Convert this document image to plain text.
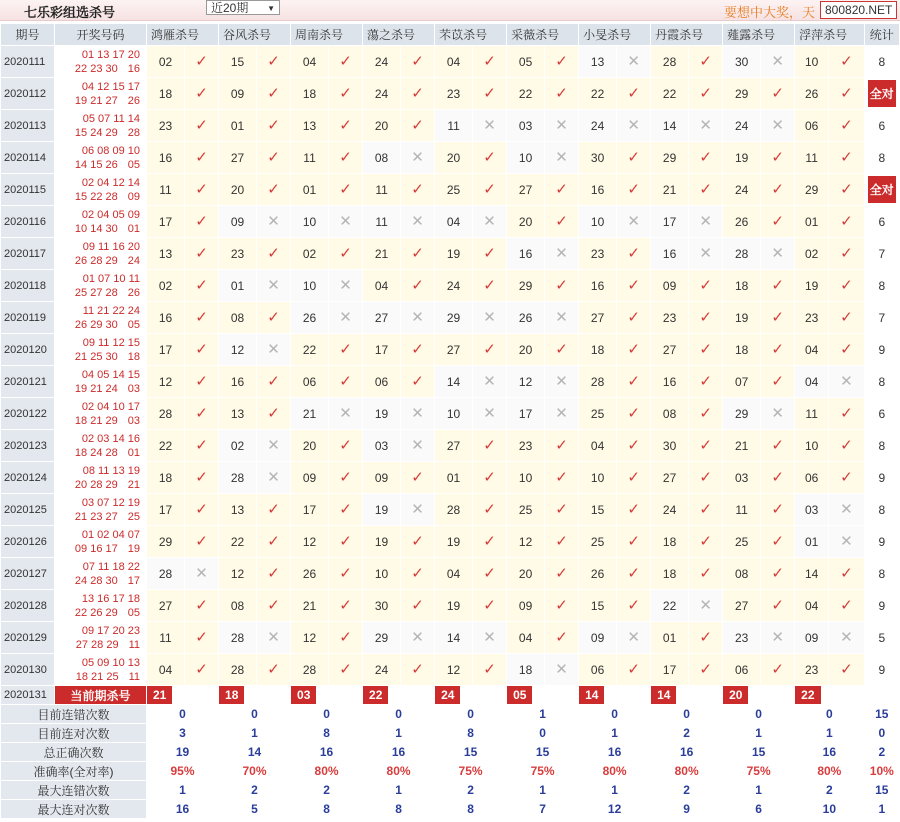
七乐彩组选杀号	近20期 ▼	要想中大奖，天 800820.NET
期号	开奖号码	鸿雁杀号		谷风杀号		周南杀号		蕩之杀号		芣苡杀号		采薇杀号		小旻杀号		丹霞杀号		薤露杀号		浮萍杀号		统计
2020111	01 13 17 20
22 23 30 16	02	✓	15	✓	04	✓	24	✓	04	✓	05	✓	13	✕	28	✓	30	✕	10	✓	8
2020112	04 12 15 17
19 21 27 26	18	✓	09	✓	18	✓	24	✓	23	✓	22	✓	22	✓	22	✓	29	✓	26	✓	全对
2020113	05 07 11 14
15 24 29 28	23	✓	01	✓	13	✓	20	✓	11	✕	03	✕	24	✕	14	✕	24	✕	06	✓	6
2020114	06 08 09 10
14 15 26 05	16	✓	27	✓	11	✓	08	✕	20	✓	10	✕	30	✓	29	✓	19	✓	11	✓	8
2020115	02 04 12 14
15 22 28 09	11	✓	20	✓	01	✓	11	✓	25	✓	27	✓	16	✓	21	✓	24	✓	29	✓	全对
2020116	02 04 05 09
10 14 30 01	17	✓	09	✕	10	✕	11	✕	04	✕	20	✓	10	✕	17	✕	26	✓	01	✓	6
2020117	09 11 16 20
26 28 29 24	13	✓	23	✓	02	✓	21	✓	19	✓	16	✕	23	✓	16	✕	28	✕	02	✓	7
2020118	01 07 10 11
25 27 28 26	02	✓	01	✕	10	✕	04	✓	24	✓	29	✓	16	✓	09	✓	18	✓	19	✓	8
2020119	11 21 22 24
26 29 30 05	16	✓	08	✓	26	✕	27	✕	29	✕	26	✕	27	✓	23	✓	19	✓	23	✓	7
2020120	09 11 12 15
21 25 30 18	17	✓	12	✕	22	✓	17	✓	27	✓	20	✓	18	✓	27	✓	18	✓	04	✓	9
2020121	04 05 14 15
19 21 24 03	12	✓	16	✓	06	✓	06	✓	14	✕	12	✕	28	✓	16	✓	07	✓	04	✕	8
2020122	02 04 10 17
18 21 29 03	28	✓	13	✓	21	✕	19	✕	10	✕	17	✕	25	✓	08	✓	29	✕	11	✓	6
2020123	02 03 14 16
18 24 28 01	22	✓	02	✕	20	✓	03	✕	27	✓	23	✓	04	✓	30	✓	21	✓	10	✓	8
2020124	08 11 13 19
20 28 29 21	18	✓	28	✕	09	✓	09	✓	01	✓	10	✓	10	✓	27	✓	03	✓	06	✓	9
2020125	03 07 12 19
21 23 27 25	17	✓	13	✓	17	✓	19	✕	28	✓	25	✓	15	✓	24	✓	11	✓	03	✕	8
2020126	01 02 04 07
09 16 17 19	29	✓	22	✓	12	✓	19	✓	19	✓	12	✓	25	✓	18	✓	25	✓	01	✕	9
2020127	07 11 18 22
24 28 30 17	28	✕	12	✓	26	✓	10	✓	04	✓	20	✓	26	✓	18	✓	08	✓	14	✓	8
2020128	13 16 17 18
22 26 29 05	27	✓	08	✓	21	✓	30	✓	19	✓	09	✓	15	✓	22	✕	27	✓	04	✓	9
2020129	09 17 20 23
27 28 29 11	11	✓	28	✕	12	✓	29	✕	14	✕	04	✓	09	✕	01	✓	23	✕	09	✕	5
2020130	05 09 10 13
18 21 25 11	04	✓	28	✓	28	✓	24	✓	12	✓	18	✕	06	✓	17	✓	06	✓	23	✓	9
2020131	当前期杀号	21		18		03		22		24		05		14		14		20		22		
目前连错次数		0		0		0		0		0		1		0		0		0		0		15
目前连对次数		3		1		8		1		8		0		1		2		1		1		0
总正确次数		19		14		16		16		15		15		16		16		15		16		2
准确率(全对率)		95%		70%		80%		80%		75%		75%		80%		80%		75%		80%		10%
最大连错次数		1		2		2		1		2		1		1		2		1		2		15
最大连对次数		16		5		8		8		8		7		12		9		6		10		1
